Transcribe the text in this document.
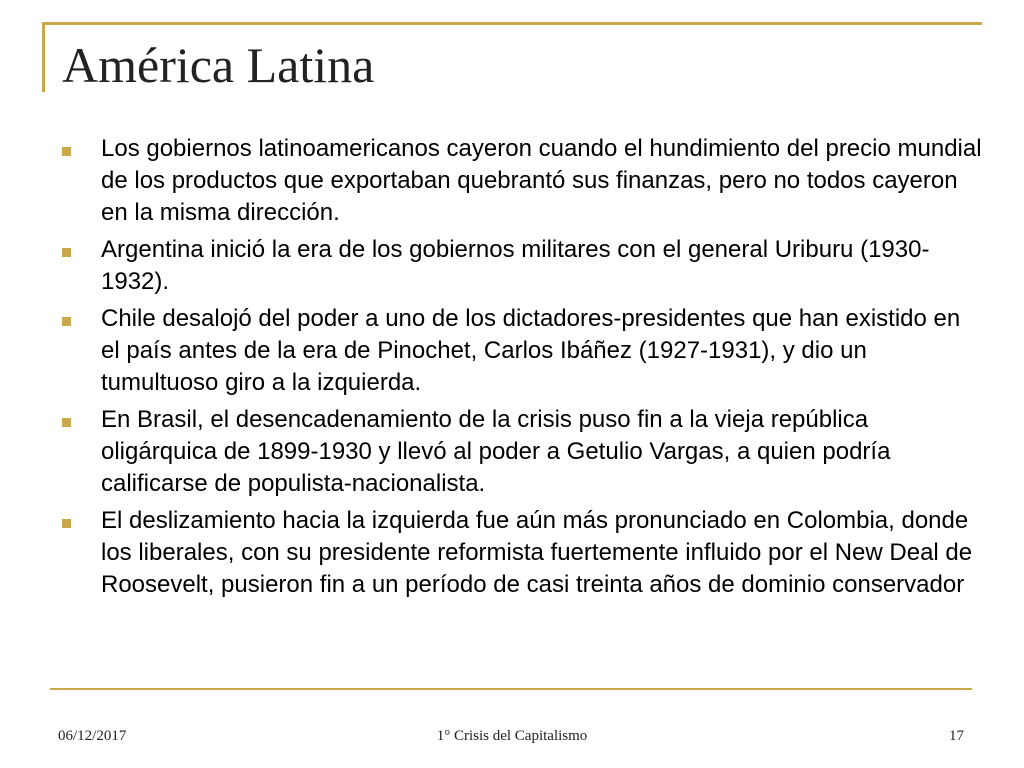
América Latina
Los gobiernos latinoamericanos cayeron cuando el hundimiento del precio mundial de los productos que exportaban quebrantó sus finanzas, pero no todos cayeron en la misma dirección.
Argentina inició la era de los gobiernos militares con el general Uriburu (1930-1932).
Chile desalojó del poder a uno de los dictadores-presidentes que han existido en el país antes de la era de Pinochet, Carlos Ibáñez (1927-1931), y dio un tumultuoso giro a la izquierda.
En Brasil, el desencadenamiento de la crisis puso fin a la vieja república oligárquica de 1899-1930 y llevó al poder a Getulio Vargas, a quien podría calificarse de populista-nacionalista.
El deslizamiento hacia la izquierda fue aún más pronunciado en Colombia, donde los liberales, con su presidente reformista fuertemente influido por el New Deal de Roosevelt, pusieron fin a un período de casi treinta años de dominio conservador
06/12/2017	1° Crisis del Capitalismo	17
